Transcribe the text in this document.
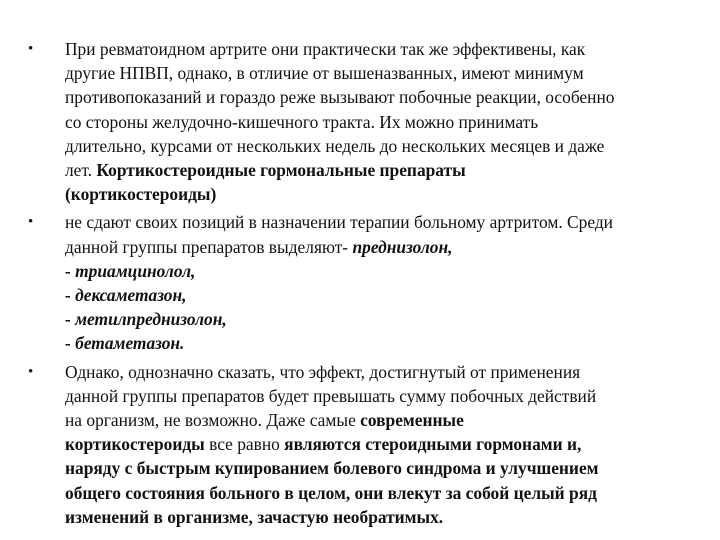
•	При ревматоидном артрите они практически так же эффективены, как
другие НПВП, однако, в отличие от вышеназванных, имеют минимум
противопоказаний и гораздо реже вызывают побочные реакции, особенно
со стороны желудочно-кишечного тракта. Их можно принимать
длительно, курсами от нескольких недель до нескольких месяцев и даже
лет. Кортикостероидные гормональные препараты
(кортикостероиды)
•	не сдают своих позиций в назначении терапии больному артритом. Среди
данной группы препаратов выделяют- преднизолон,
- триамцинолол,
- дексаметазон,
- метилпреднизолон,
- бетаметазон.
•	Однако, однозначно сказать, что эффект, достигнутый от применения
данной группы препаратов будет превышать сумму побочных действий
на организм, не возможно. Даже самые современные
кортикостероиды все равно являются стероидными гормонами и,
наряду с быстрым купированием болевого синдрома и улучшением
общего состояния больного в целом, они влекут за собой целый ряд
изменений в организме, зачастую необратимых.
